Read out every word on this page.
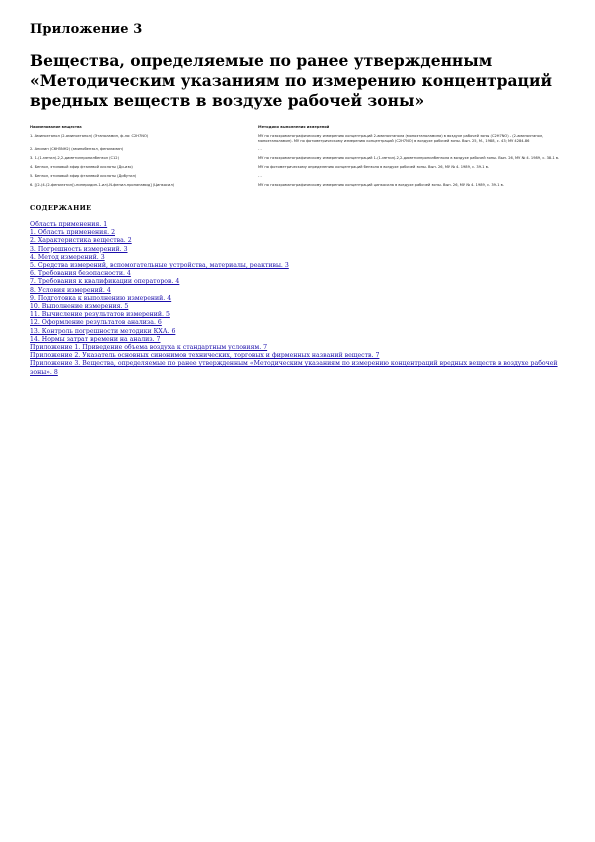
Приложение 3
Вещества, определяемые по ранее утвержденным
«Методическим указаниям по измерению концентраций
вредных веществ в воздухе рабочей зоны»
Наименование вещества	Методики выполнения измерений
1. Аминоэтанол (2-аминоэтанол) (Этаноламин, ф-ла: C2H7NO)	МУ по газохроматографическому измерению концентраций 2-аминоэтанола (моноэтаноламина) в воздухе рабочей зоны (C2H7NO) - (2-аминоэтанол, моноэтаноламин). МУ по фотометрическому измерению концентраций (C2H7NO) в воздухе рабочей зоны. Вып. 25, М., 1988, с. 43; МУ 4284-86
2. Анилин (C6H5NH2) (аминобензол, фениламин)	- -
3. 1-(1-метил)-2,2-диметилпропилбензол (C12)	МУ по газохроматографическому измерению концентраций 1-(1-метил)-2,2-диметилпропилбензола в воздухе рабочей зоны. Вып. 26, МУ № 4. 1989, с. 38-1 в.
4. Бензол, этиловый эфир фталевой кислоты (Ди-изо)	МУ по фотометрическому определению концентраций бензола в воздухе рабочей зоны. Вып. 26, МУ № 4. 1989, с. 39-1 в.
5. Бензол, этиловый эфир фталевой кислоты (Дибутил)	- -
6. [(2-(4-(2-фенилэтил))-пиперидин-1-ил)-N-фенил-пропанамид] (Цинкосил)	МУ по газохроматографическому измерению концентраций цинкосила в воздухе рабочей зоны. Вып. 26, МУ № 4. 1989, с. 39-1 в.
СОДЕРЖАНИЕ
Область применения. 1
1. Область применения. 2
2. Характеристика вещества. 2
3. Погрешность измерений. 3
4. Метод измерений. 3
5. Средства измерений, вспомогательные устройства, материалы, реактивы. 3
6. Требования безопасности. 4
7. Требования к квалификации операторов. 4
8. Условия измерений. 4
9. Подготовка к выполнению измерений. 4
10. Выполнение измерения. 5
11. Вычисление результатов измерений. 5
12. Оформление результатов анализа. 6
13. Контроль погрешности методики КХА. 6
14. Нормы затрат времени на анализ. 7
Приложение 1. Приведение объема воздуха к стандартным условиям. 7
Приложение 2. Указатель основных синонимов технических, торговых и фирменных названий веществ. 7
Приложение 3. Вещества, определяемые по ранее утвержденным «Методическим указаниям по измерению концентраций вредных веществ в воздухе рабочей зоны». 8
